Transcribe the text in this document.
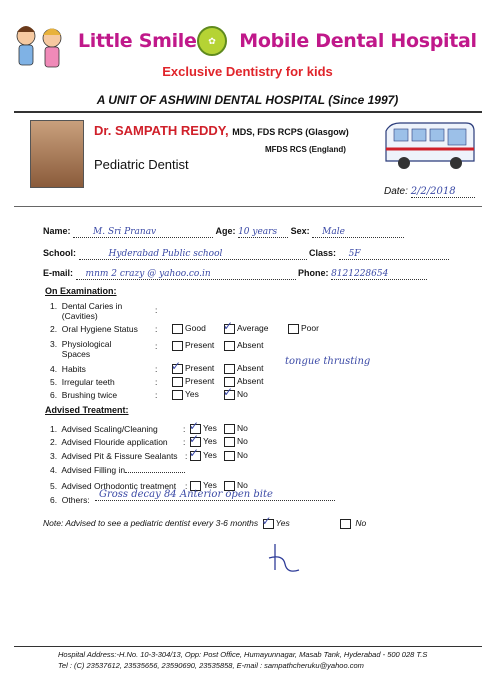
Little Smile Mobile Dental Hospital
✿
Exclusive Dentistry for kids
A UNIT OF ASHWINI DENTAL HOSPITAL (Since 1997)
Dr. SAMPATH REDDY, MDS, FDS RCPS (Glasgow)
MFDS RCS (England)
Pediatric Dentist
Date: 2/2/2018
Name:	M. Sri Pranav	Age: 10 years Sex: Male
School:	Hyderabad Public school	Class: 5F
E-mail: mnm 2 crazy @ yahoo.co.in	Phone: 8121228654
On Examination:
1.  Dental Caries in
(Cavities)
:
2.  Oral Hygiene Status :	Good ✓ Average	Poor
3.  Physiological
Spaces
:	Present	Absent
4.  Habits	: ✓ Present	Absent
tongue thrusting
5.  Irregular teeth	:	Present	Absent
6.  Brushing twice	:	Yes ✓ No
Advised Treatment:
1.  Advised Scaling/Cleaning	: ✓ Yes	No
2.  Advised Flouride application : ✓ Yes	No
3.  Advised Pit & Fissure Sealants : ✓ Yes	No
4.  Advised Filling in
5.  Advised Orthodontic treatment :	Yes	No
6.  Others: Gross decay 84 Anterior open bite
Note: Advised to see a pediatric dentist every 3-6 months ✓ Yes	No
Hospital Address:-H.No. 10-3-304/13, Opp: Post Office, Humayunnagar, Masab Tank, Hyderabad - 500 028 T.S
Tel : (C) 23537612, 23535656, 23590690, 23535858, E-mail : sampathcheruku@yahoo.com
